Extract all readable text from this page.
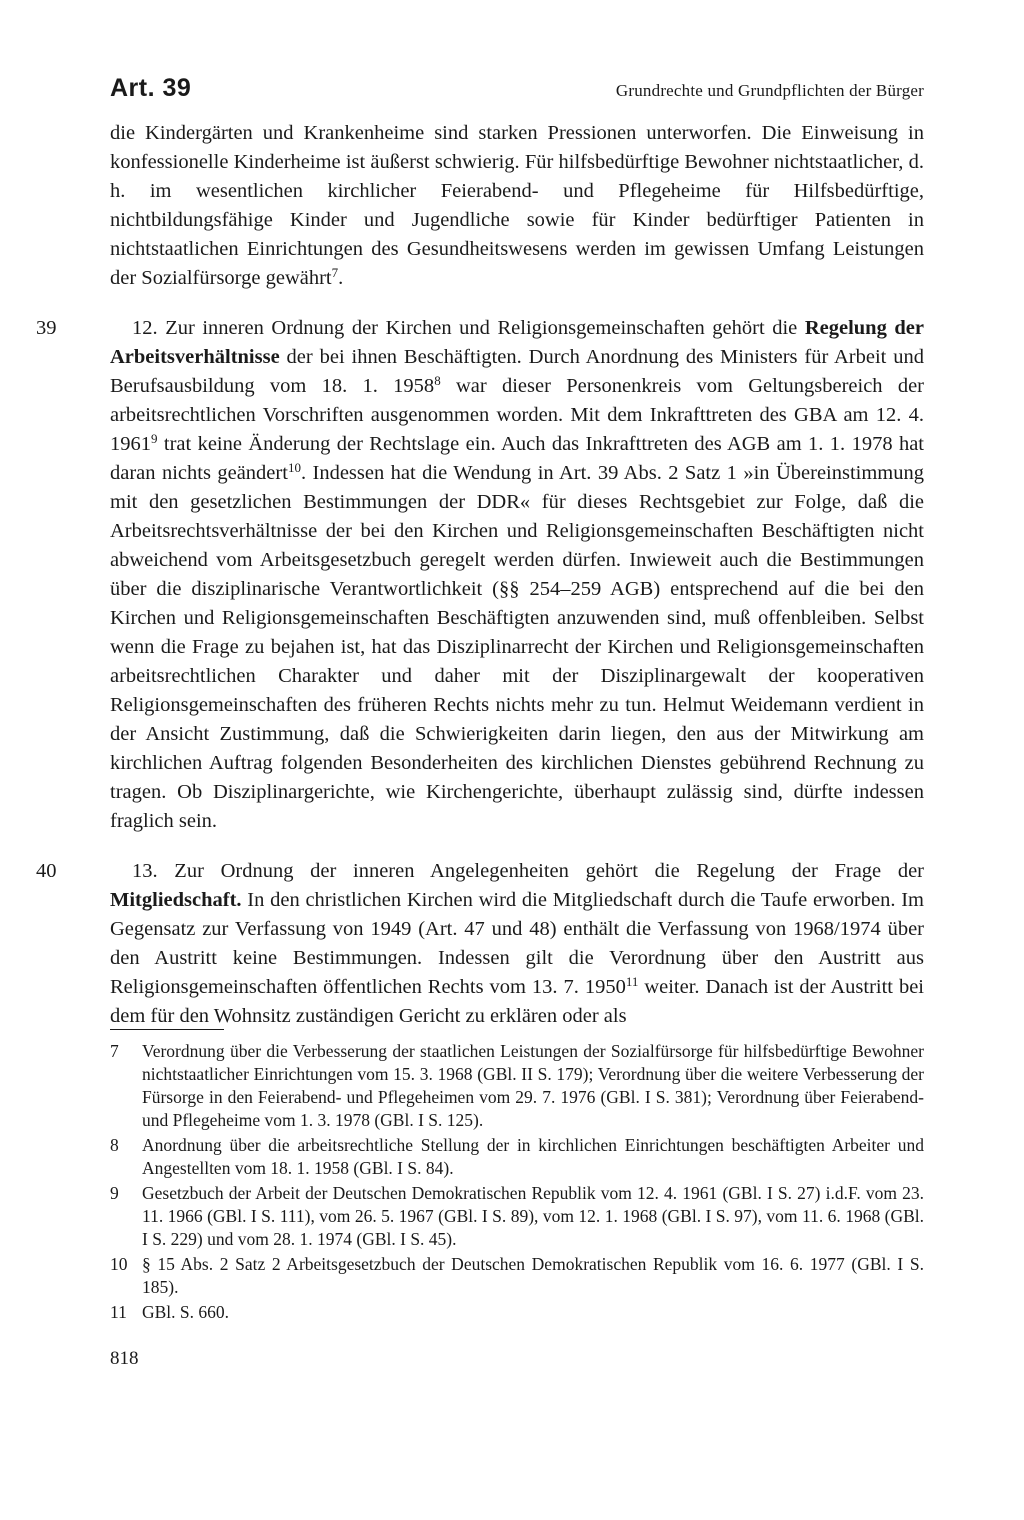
Art. 39	Grundrechte und Grundpflichten der Bürger
die Kindergärten und Krankenheime sind starken Pressionen unterworfen. Die Einweisung in konfessionelle Kinderheime ist äußerst schwierig. Für hilfsbedürftige Bewohner nichtstaatlicher, d. h. im wesentlichen kirchlicher Feierabend- und Pflegeheime für Hilfsbedürftige, nichtbildungsfähige Kinder und Jugendliche sowie für Kinder bedürftiger Patienten in nichtstaatlichen Einrichtungen des Gesundheitswesens werden im gewissen Umfang Leistungen der Sozialfürsorge gewährt$^7$.
39	12. Zur inneren Ordnung der Kirchen und Religionsgemeinschaften gehört die Regelung der Arbeitsverhältnisse der bei ihnen Beschäftigten. Durch Anordnung des Ministers für Arbeit und Berufsausbildung vom 18. 1. 1958$^8$ war dieser Personenkreis vom Geltungsbereich der arbeitsrechtlichen Vorschriften ausgenommen worden. Mit dem Inkrafttreten des GBA am 12. 4. 1961$^9$ trat keine Änderung der Rechtslage ein. Auch das Inkrafttreten des AGB am 1. 1. 1978 hat daran nichts geändert$^{10}$. Indessen hat die Wendung in Art. 39 Abs. 2 Satz 1 »in Übereinstimmung mit den gesetzlichen Bestimmungen der DDR« für dieses Rechtsgebiet zur Folge, daß die Arbeitsrechtsverhältnisse der bei den Kirchen und Religionsgemeinschaften Beschäftigten nicht abweichend vom Arbeitsgesetzbuch geregelt werden dürfen. Inwieweit auch die Bestimmungen über die disziplinarische Verantwortlichkeit (§§ 254–259 AGB) entsprechend auf die bei den Kirchen und Religionsgemeinschaften Beschäftigten anzuwenden sind, muß offenbleiben. Selbst wenn die Frage zu bejahen ist, hat das Disziplinarrecht der Kirchen und Religionsgemeinschaften arbeitsrechtlichen Charakter und daher mit der Disziplinargewalt der kooperativen Religionsgemeinschaften des früheren Rechts nichts mehr zu tun. Helmut Weidemann verdient in der Ansicht Zustimmung, daß die Schwierigkeiten darin liegen, den aus der Mitwirkung am kirchlichen Auftrag folgenden Besonderheiten des kirchlichen Dienstes gebührend Rechnung zu tragen. Ob Disziplinargerichte, wie Kirchengerichte, überhaupt zulässig sind, dürfte indessen fraglich sein.
40	13. Zur Ordnung der inneren Angelegenheiten gehört die Regelung der Frage der Mitgliedschaft. In den christlichen Kirchen wird die Mitgliedschaft durch die Taufe erworben. Im Gegensatz zur Verfassung von 1949 (Art. 47 und 48) enthält die Verfassung von 1968/1974 über den Austritt keine Bestimmungen. Indessen gilt die Verordnung über den Austritt aus Religionsgemeinschaften öffentlichen Rechts vom 13. 7. 1950$^{11}$ weiter. Danach ist der Austritt bei dem für den Wohnsitz zuständigen Gericht zu erklären oder als
7 Verordnung über die Verbesserung der staatlichen Leistungen der Sozialfürsorge für hilfsbedürftige Bewohner nichtstaatlicher Einrichtungen vom 15. 3. 1968 (GBl. II S. 179); Verordnung über die weitere Verbesserung der Fürsorge in den Feierabend- und Pflegeheimen vom 29. 7. 1976 (GBl. I S. 381); Verordnung über Feierabend- und Pflegeheime vom 1. 3. 1978 (GBl. I S. 125).
8 Anordnung über die arbeitsrechtliche Stellung der in kirchlichen Einrichtungen beschäftigten Arbeiter und Angestellten vom 18. 1. 1958 (GBl. I S. 84).
9 Gesetzbuch der Arbeit der Deutschen Demokratischen Republik vom 12. 4. 1961 (GBl. I S. 27) i.d.F. vom 23. 11. 1966 (GBl. I S. 111), vom 26. 5. 1967 (GBl. I S. 89), vom 12. 1. 1968 (GBl. I S. 97), vom 11. 6. 1968 (GBl. I S. 229) und vom 28. 1. 1974 (GBl. I S. 45).
10 § 15 Abs. 2 Satz 2 Arbeitsgesetzbuch der Deutschen Demokratischen Republik vom 16. 6. 1977 (GBl. I S. 185).
11 GBl. S. 660.
818
